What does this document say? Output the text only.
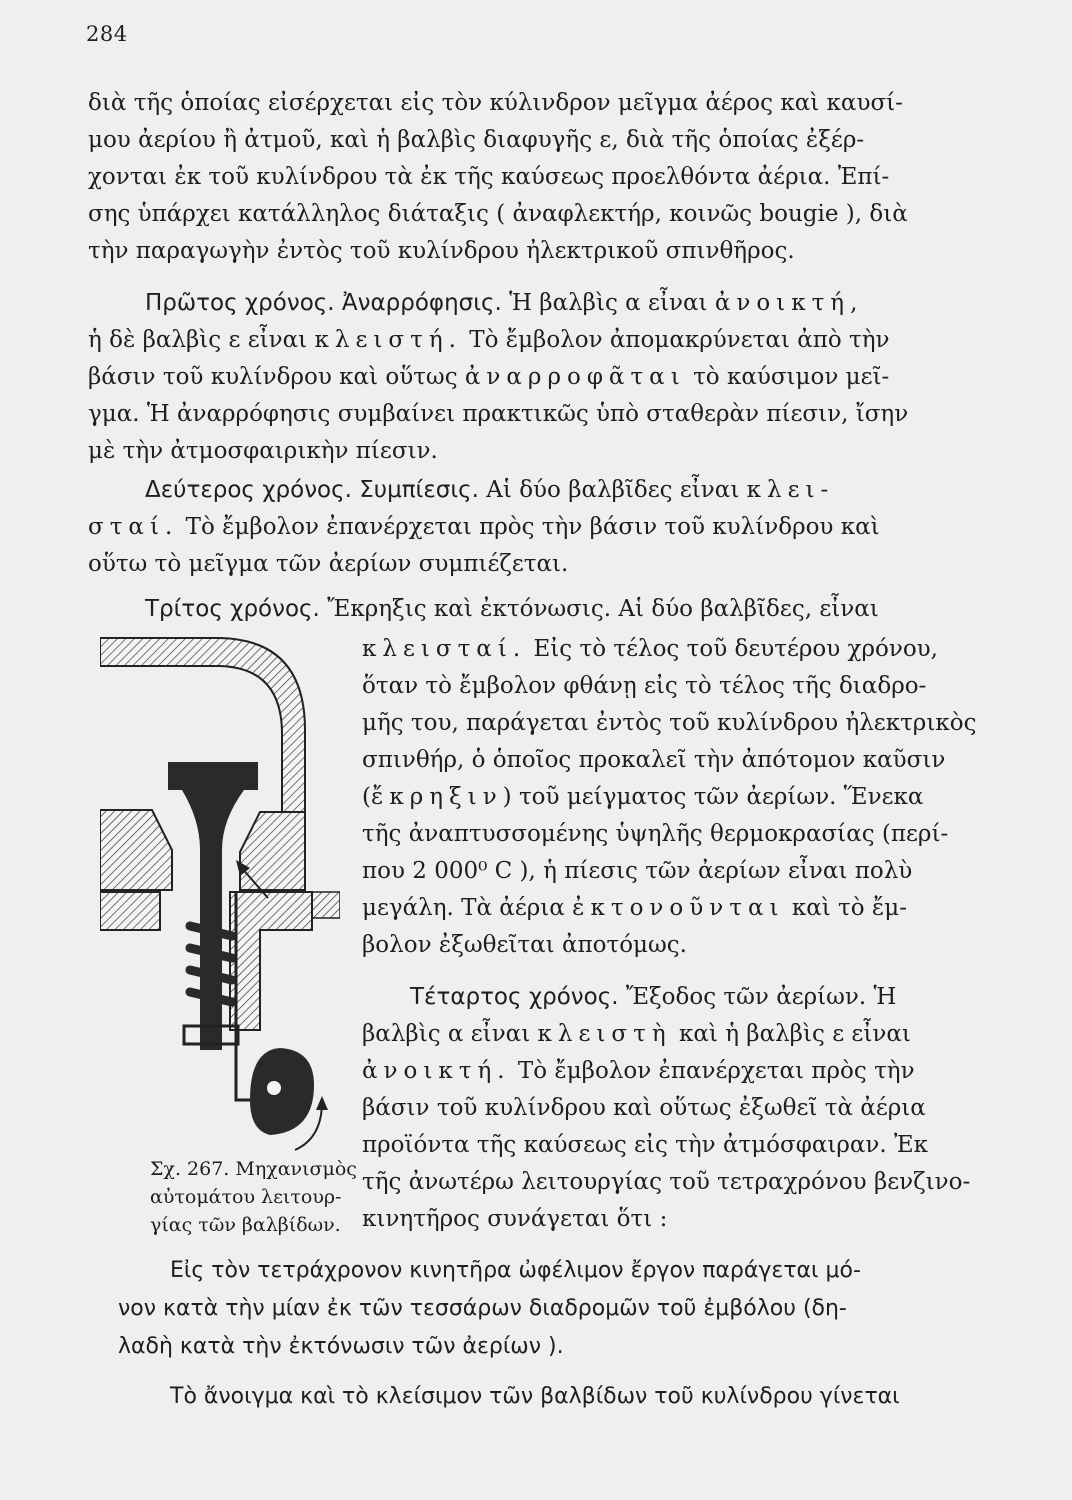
284
διὰ τῆς ὁποίας εἰσέρχεται εἰς τὸν κύλινδρον μεῖγμα ἀέρος καὶ καυσί-
μου ἀερίου ἢ ἀτμοῦ, καὶ ἡ βαλβὶς διαφυγῆς ε, διὰ τῆς ὁποίας ἐξέρ-
χονται ἐκ τοῦ κυλίνδρου τὰ ἐκ τῆς καύσεως προελθόντα ἀέρια. Ἐπί-
σης ὑπάρχει κατάλληλος διάταξις ( ἀναφλεκτήρ, κοινῶς bougie ), διὰ
τὴν παραγωγὴν ἐντὸς τοῦ κυλίνδρου ἠλεκτρικοῦ σπινθῆρος.
Πρῶτος χρόνος. Ἀναρρόφησις. Ἡ βαλβὶς α εἶναι ἀνοικτή,
ἡ δὲ βαλβὶς ε εἶναι κλειστή. Τὸ ἔμβολον ἀπομακρύνεται ἀπὸ τὴν
βάσιν τοῦ κυλίνδρου καὶ οὕτως ἀναρροφᾶται τὸ καύσιμον μεῖ-
γμα. Ἡ ἀναρρόφησις συμβαίνει πρακτικῶς ὑπὸ σταθερὰν πίεσιν, ἴσην
μὲ τὴν ἀτμοσφαιρικὴν πίεσιν.
Δεύτερος χρόνος. Συμπίεσις. Αἱ δύο βαλβῖδες εἶναι κλει-
σταί. Τὸ ἔμβολον ἐπανέρχεται πρὸς τὴν βάσιν τοῦ κυλίνδρου καὶ
οὕτω τὸ μεῖγμα τῶν ἀερίων συμπιέζεται.
Τρίτος χρόνος. Ἔκρηξις καὶ ἐκτόνωσις. Αἱ δύο βαλβῖδες, εἶναι
κλεισταί. Εἰς τὸ τέλος τοῦ δευτέρου χρόνου,
ὅταν τὸ ἔμβολον φθάνῃ εἰς τὸ τέλος τῆς διαδρο-
μῆς του, παράγεται ἐντὸς τοῦ κυλίνδρου ἠλεκτρικὸς
σπινθήρ, ὁ ὁποῖος προκαλεῖ τὴν ἀπότομον καῦσιν
(ἔκρηξιν) τοῦ μείγματος τῶν ἀερίων. Ἕνεκα
τῆς ἀναπτυσσομένης ὑψηλῆς θερμοκρασίας (περί-
που 2 000⁰ C ), ἡ πίεσις τῶν ἀερίων εἶναι πολὺ
μεγάλη. Τὰ ἀέρια ἐκτονοῦνται καὶ τὸ ἔμ-
βολον ἐξωθεῖται ἀποτόμως.
Τέταρτος χρόνος. Ἔξοδος τῶν ἀερίων. Ἡ
βαλβὶς α εἶναι κλειστὴ καὶ ἡ βαλβὶς ε εἶναι
ἀνοικτή. Τὸ ἔμβολον ἐπανέρχεται πρὸς τὴν
βάσιν τοῦ κυλίνδρου καὶ οὕτως ἐξωθεῖ τὰ ἀέρια
προϊόντα τῆς καύσεως εἰς τὴν ἀτμόσφαιραν. Ἐκ
τῆς ἀνωτέρω λειτουργίας τοῦ τετραχρόνου βενζινο-
κινητῆρος συνάγεται ὅτι :
Σχ. 267. Μηχανισμὸς
αὐτομάτου λειτουρ-
γίας τῶν βαλβίδων.
Εἰς τὸν τετράχρονον κινητῆρα ὠφέλιμον ἔργον παράγεται μό-
νον κατὰ τὴν μίαν ἐκ τῶν τεσσάρων διαδρομῶν τοῦ ἐμβόλου (δη-
λαδὴ κατὰ τὴν ἐκτόνωσιν τῶν ἀερίων ).
Τὸ ἄνοιγμα καὶ τὸ κλείσιμον τῶν βαλβίδων τοῦ κυλίνδρου γίνεται
